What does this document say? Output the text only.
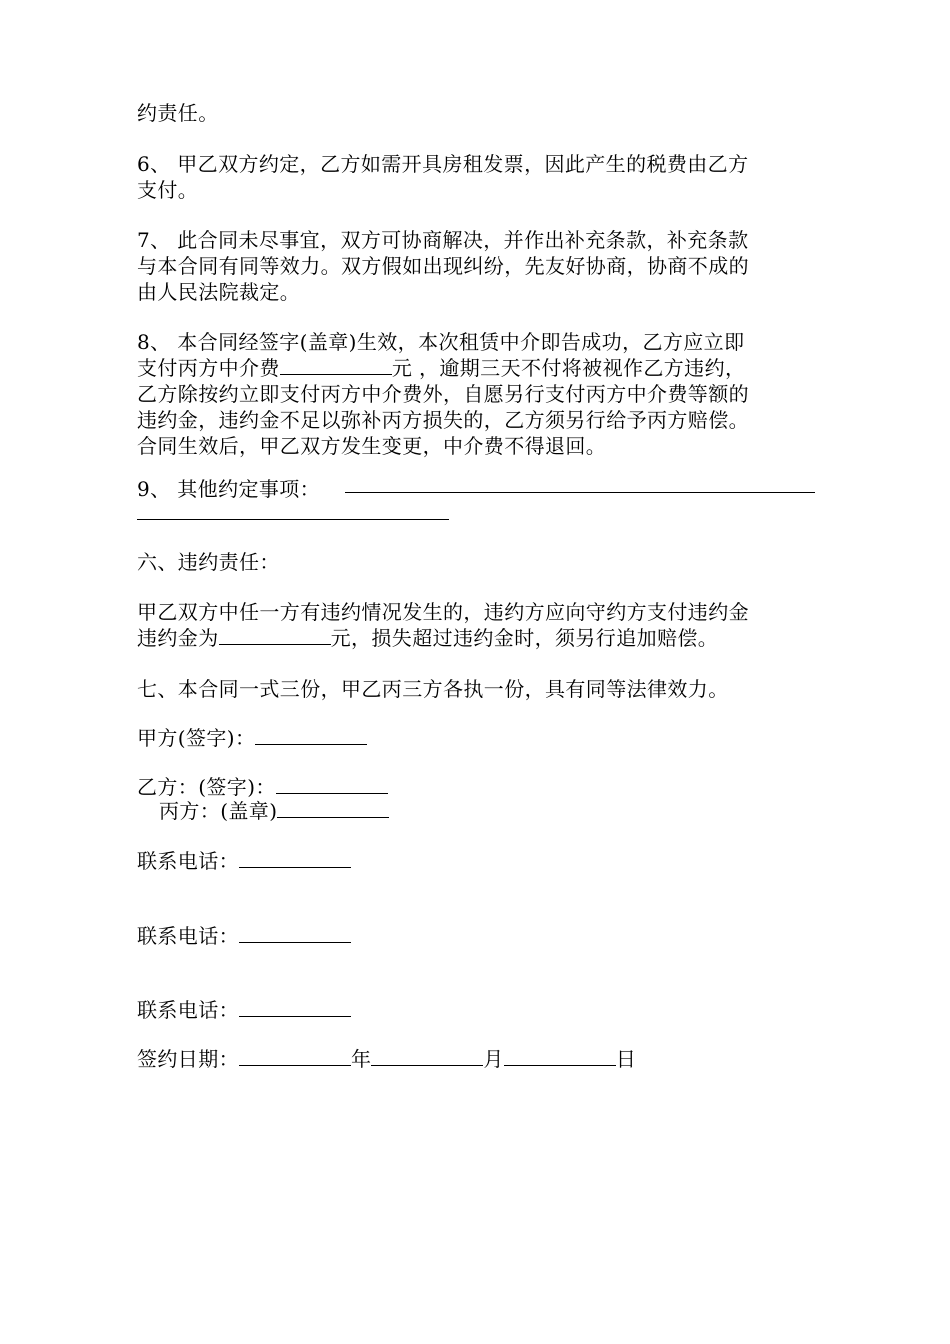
约责任。
6、 甲乙双方约定，乙方如需开具房租发票，因此产生的税费由乙方
支付。
7、 此合同未尽事宜，双方可协商解决，并作出补充条款，补充条款
与本合同有同等效力。双方假如出现纠纷，先友好协商，协商不成的
由人民法院裁定。
8、 本合同经签字(盖章)生效，本次租赁中介即告成功，乙方应立即
支付丙方中介费	元 ，逾期三天不付将被视作乙方违约，
乙方除按约立即支付丙方中介费外，自愿另行支付丙方中介费等额的
违约金，违约金不足以弥补丙方损失的，乙方须另行给予丙方赔偿。
合同生效后，甲乙双方发生变更，中介费不得退回。
9、 其他约定事项：
六、违约责任：
甲乙双方中任一方有违约情况发生的，违约方应向守约方支付违约金
违约金为	元，损失超过违约金时，须另行追加赔偿。
七、本合同一式三份，甲乙丙三方各执一份，具有同等法律效力。
甲方(签字)：
乙方：(签字)：
丙方：(盖章)
联系电话：
联系电话：
联系电话：
签约日期：	年	月	日
